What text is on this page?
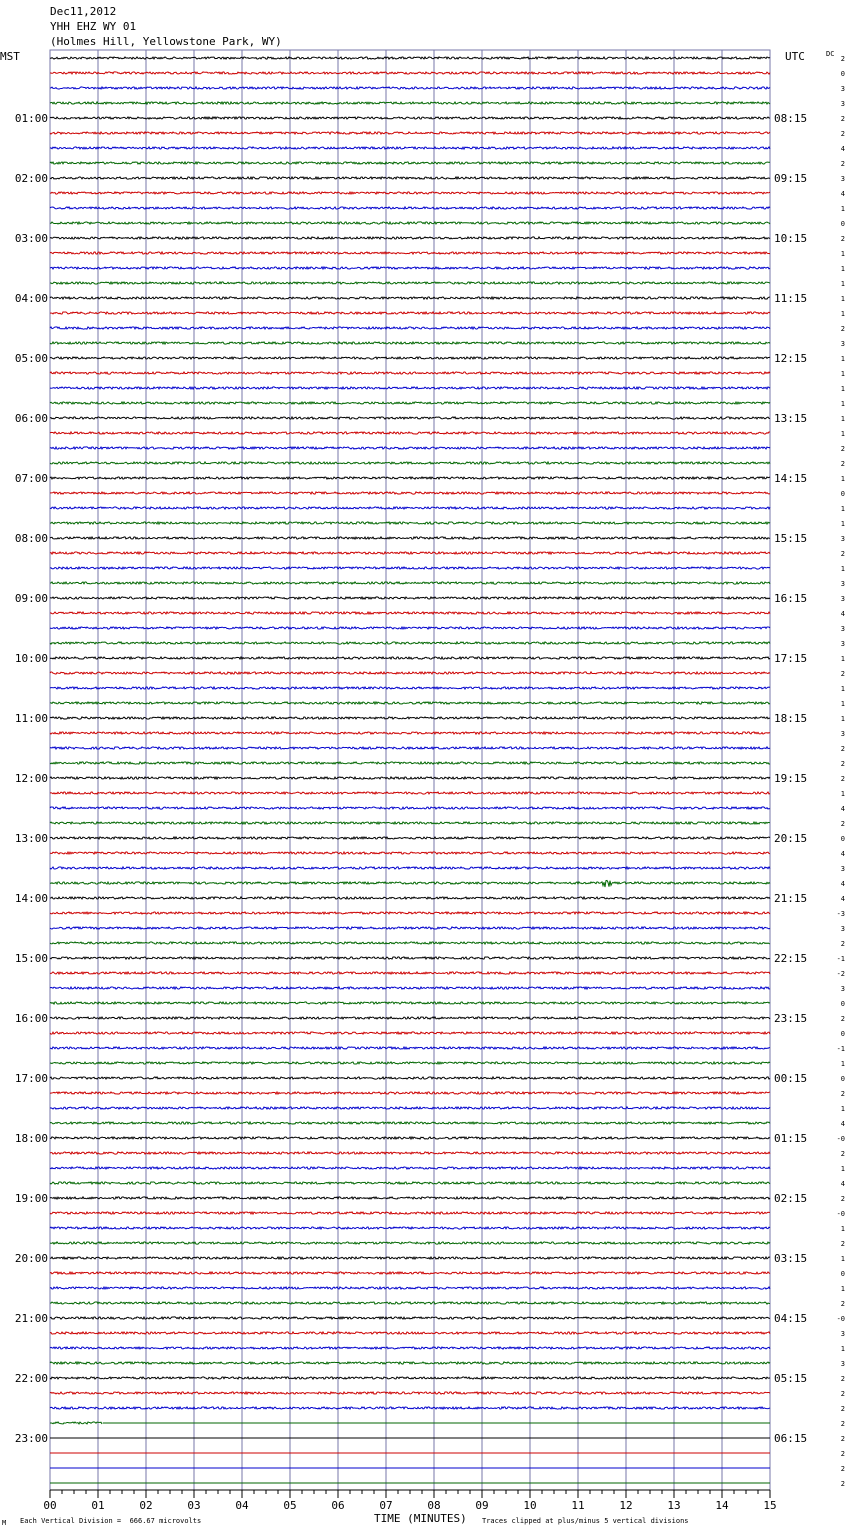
Dec11,2012
YHH EHZ WY 01
(Holmes Hill, Yellowstone Park, WY)
MST	UTC	DC
01:00
02:00
03:00
04:00
05:00
06:00
07:00
08:00
09:00
10:00
11:00
12:00
13:00
14:00
15:00
16:00
17:00
18:00
19:00
20:00
21:00
22:00
23:00
08:15
09:15
10:15
11:15
12:15
13:15
14:15
15:15
16:15
17:15
18:15
19:15
20:15
21:15
22:15
23:15
00:15
01:15
02:15
03:15
04:15
05:15
06:15
2
0
3
3
2
2
4
2
3
4
1
0
2
1
1
1
1
1
2
3
1
1
1
1
1
1
2
2
1
0
1
1
3
2
1
3
3
4
3
3
1
2
1
1
1
3
2
2
2
1
4
2
0
4
3
4
4
-3
3
2
-1
-2
3
0
2
0
-1
1
0
2
1
4
-0
2
1
4
2
-0
1
2
1
0
1
2
-0
3
1
3
2
2
2
2
2
2
2
2
00	01	02	03	04	05	06	07	08	09	10	11	12	13	14	15
TIME (MINUTES)
Each Vertical Division =  666.67 microvolts	Traces clipped at plus/minus 5 vertical divisions
M
